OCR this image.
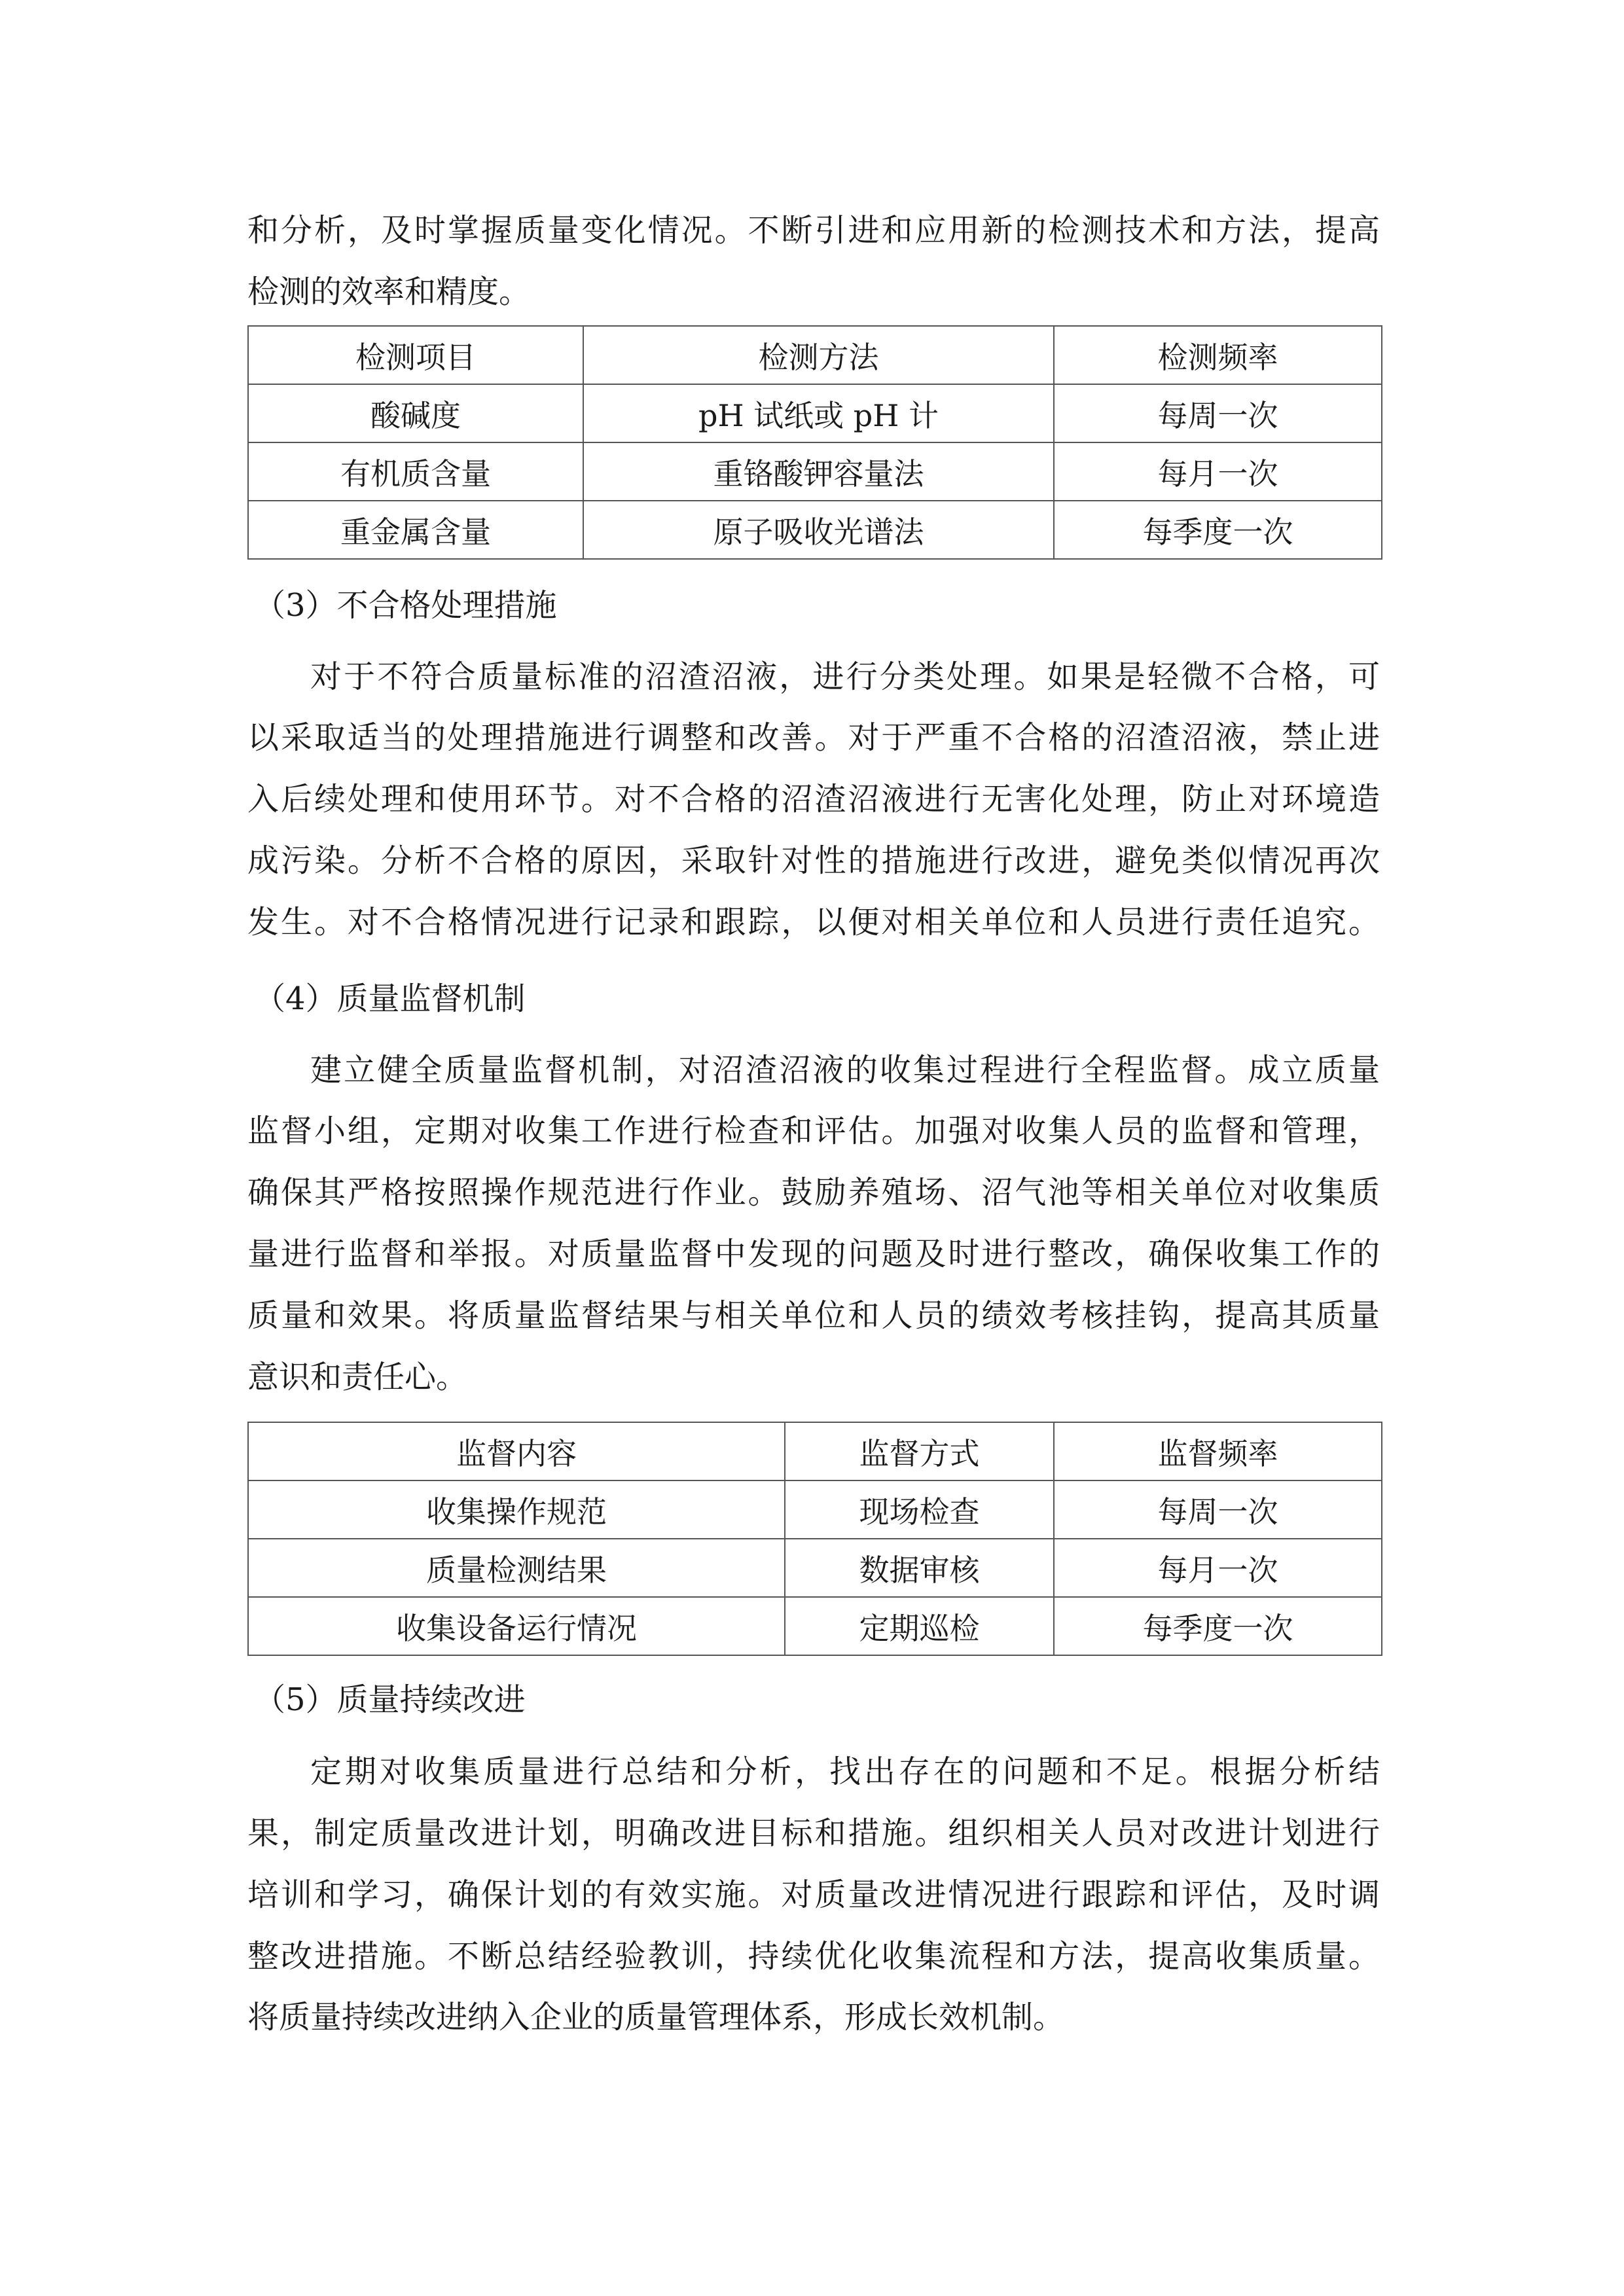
和分析，及时掌握质量变化情况。不断引进和应用新的检测技术和方法，提高
检测的效率和精度。
检测项目	检测方法	检测频率
酸碱度	pH 试纸或 pH 计	每周一次
有机质含量	重铬酸钾容量法	每月一次
重金属含量	原子吸收光谱法	每季度一次
（3）不合格处理措施
对于不符合质量标准的沼渣沼液，进行分类处理。如果是轻微不合格，可
以采取适当的处理措施进行调整和改善。对于严重不合格的沼渣沼液，禁止进
入后续处理和使用环节。对不合格的沼渣沼液进行无害化处理，防止对环境造
成污染。分析不合格的原因，采取针对性的措施进行改进，避免类似情况再次
发生。对不合格情况进行记录和跟踪，以便对相关单位和人员进行责任追究。
（4）质量监督机制
建立健全质量监督机制，对沼渣沼液的收集过程进行全程监督。成立质量
监督小组，定期对收集工作进行检查和评估。加强对收集人员的监督和管理，
确保其严格按照操作规范进行作业。鼓励养殖场、沼气池等相关单位对收集质
量进行监督和举报。对质量监督中发现的问题及时进行整改，确保收集工作的
质量和效果。将质量监督结果与相关单位和人员的绩效考核挂钩，提高其质量
意识和责任心。
监督内容	监督方式	监督频率
收集操作规范	现场检查	每周一次
质量检测结果	数据审核	每月一次
收集设备运行情况	定期巡检	每季度一次
（5）质量持续改进
定期对收集质量进行总结和分析，找出存在的问题和不足。根据分析结
果，制定质量改进计划，明确改进目标和措施。组织相关人员对改进计划进行
培训和学习，确保计划的有效实施。对质量改进情况进行跟踪和评估，及时调
整改进措施。不断总结经验教训，持续优化收集流程和方法，提高收集质量。
将质量持续改进纳入企业的质量管理体系，形成长效机制。
